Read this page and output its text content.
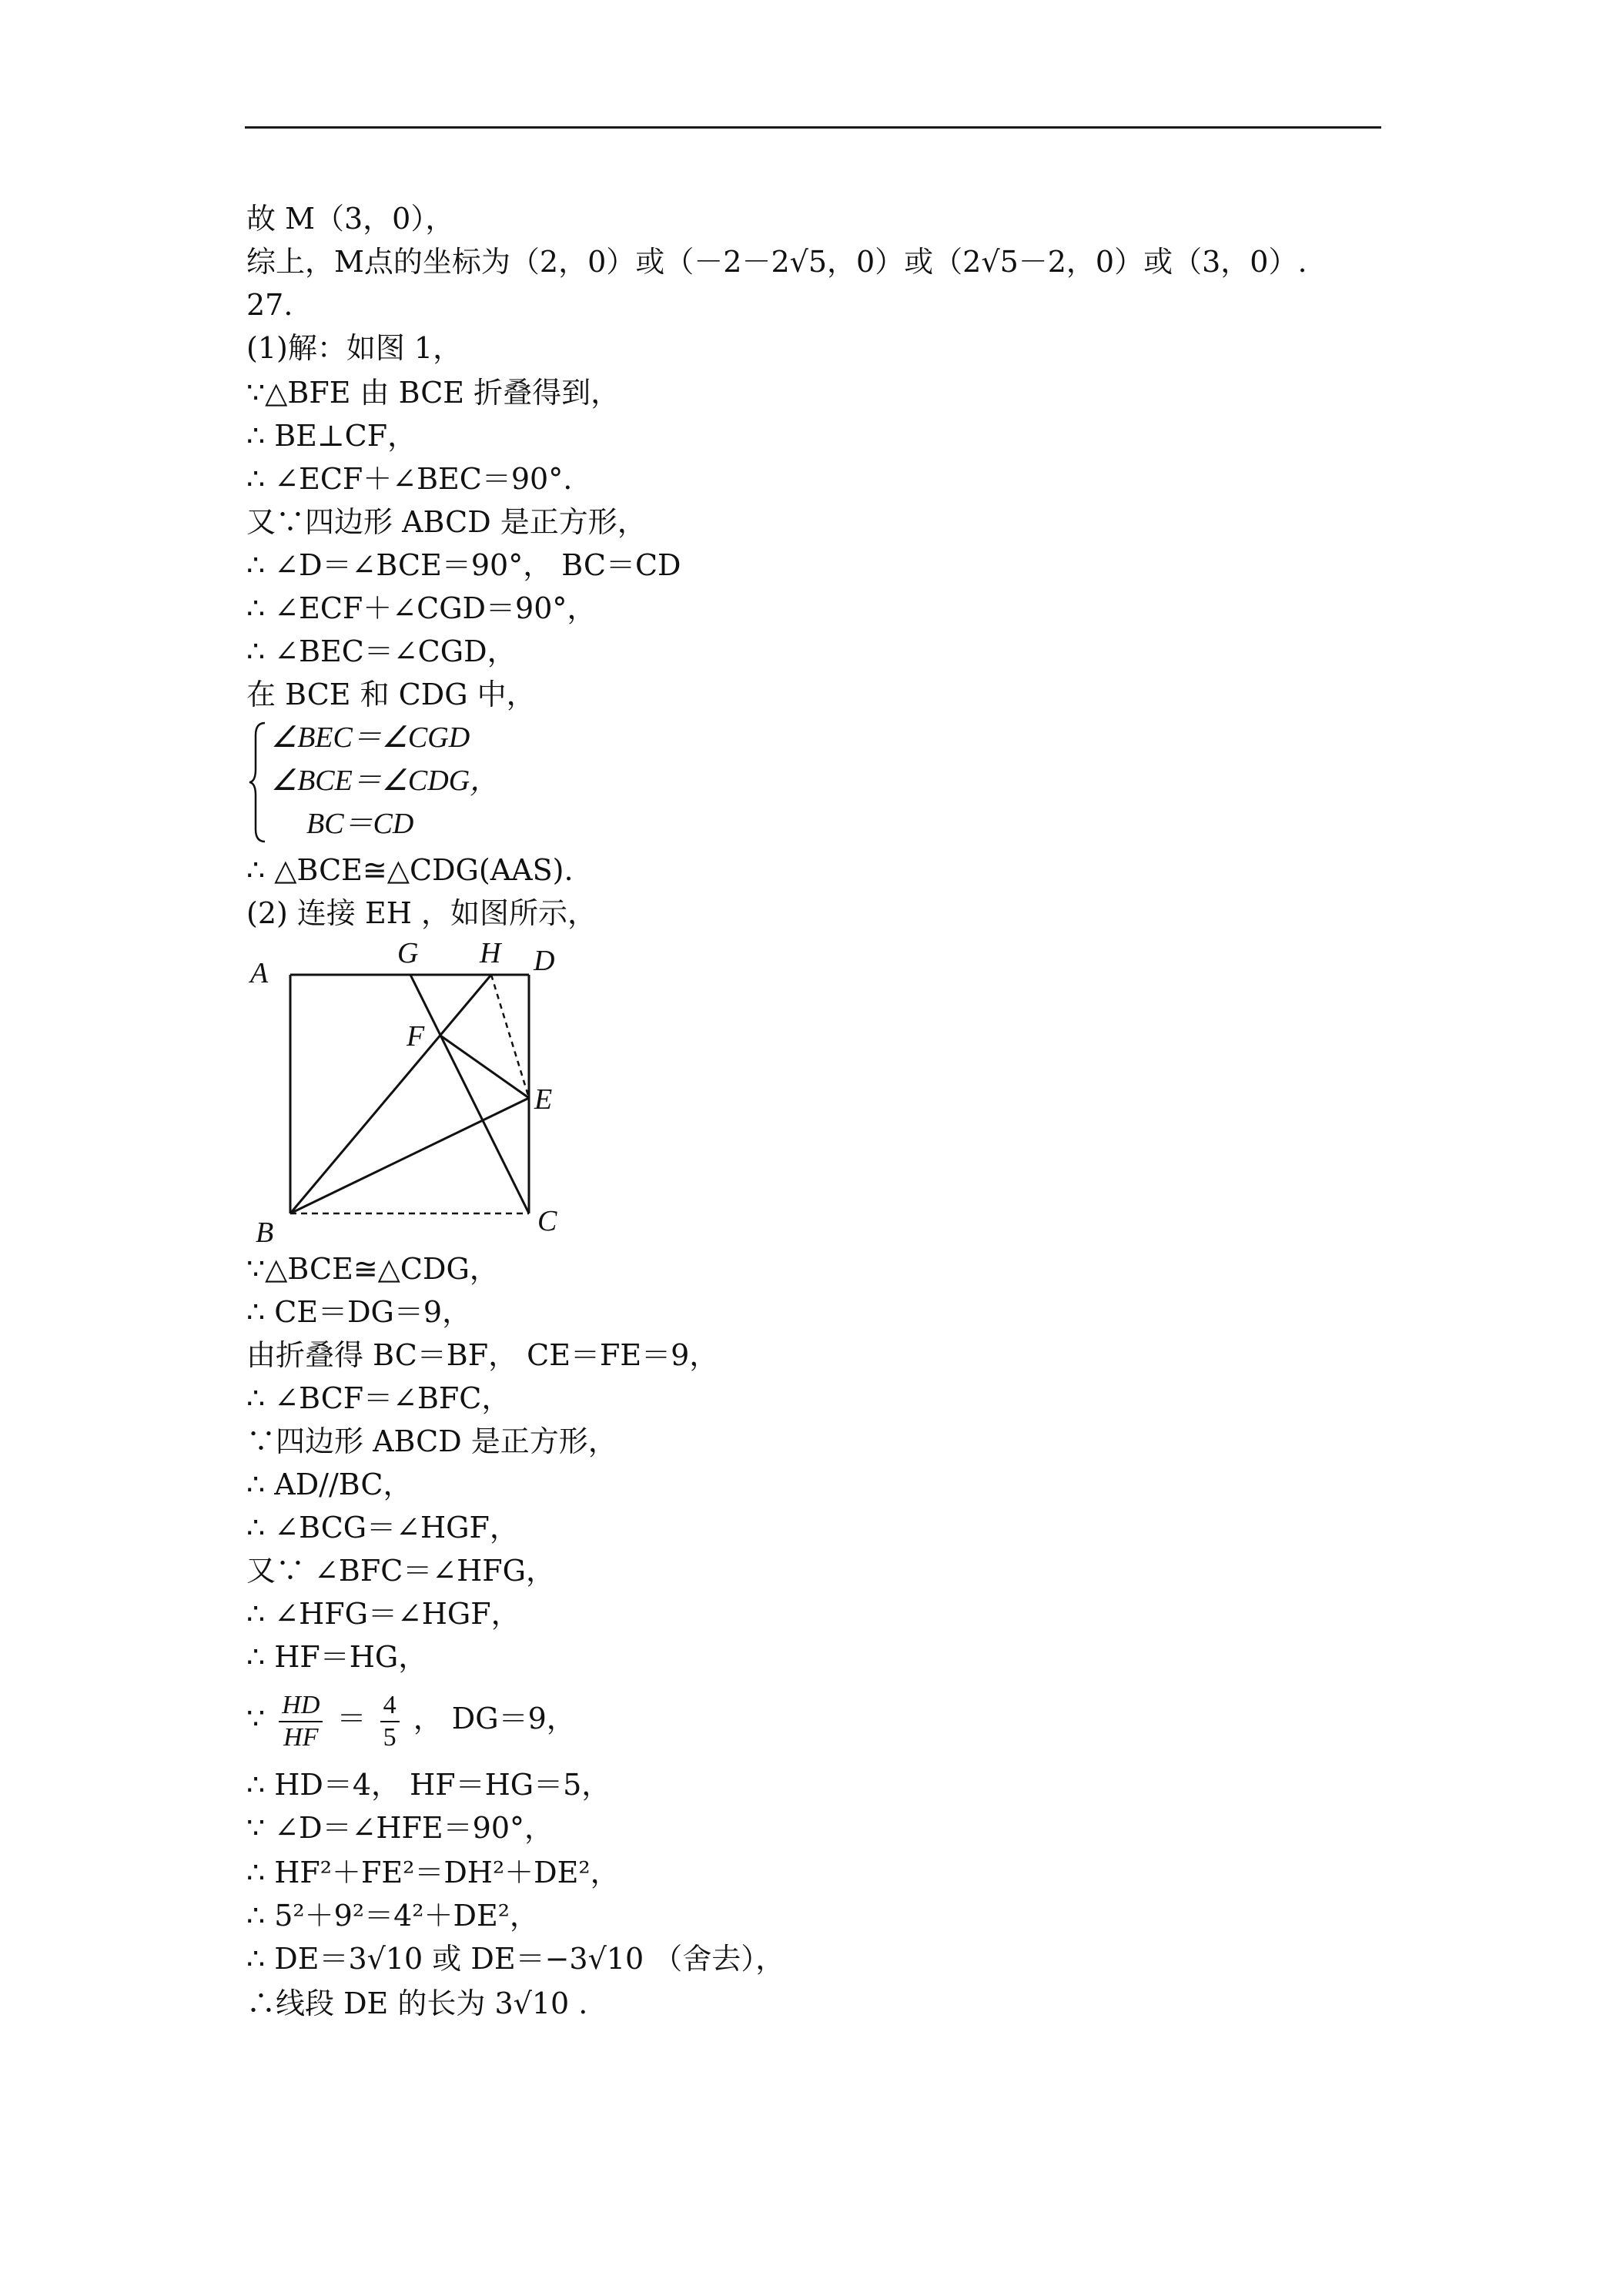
故 M（3，0），
综上，M点的坐标为（2，0）或（－2－2√5，0）或（2√5－2，0）或（3，0）.
27.
(1)解：如图 1，
∵△BFE 由 BCE 折叠得到，
∴ BE⊥CF，
∴ ∠ECF＋∠BEC＝90°.
又∵四边形 ABCD 是正方形，
∴ ∠D＝∠BCE＝90°， BC＝CD
∴ ∠ECF＋∠CGD＝90°，
∴ ∠BEC＝∠CGD，
在 BCE 和 CDG 中，
∠BEC＝∠CGD
∠BCE＝∠CDG，
BC＝CD
∴ △BCE≅△CDG(AAS).
(2) 连接 EH ，如图所示，
A
B	C
D
E
F
G H
∵△BCE≅△CDG，
∴ CE＝DG＝9，
由折叠得 BC＝BF， CE＝FE＝9，
∴ ∠BCF＝∠BFC，
∵四边形 ABCD 是正方形，
∴ AD//BC，
∴ ∠BCG＝∠HGF，
又∵ ∠BFC＝∠HFG，
∴ ∠HFG＝∠HGF，
∴ HF＝HG，
∵ $\frac{HD}{HF} = \frac{4}{5}$ ， DG＝9，
∴ HD＝4， HF＝HG＝5，
∵ ∠D＝∠HFE＝90°，
∴ HF²＋FE²＝DH²＋DE²，
∴ 5²＋9²＝4²＋DE²，
∴ DE＝3√10 或 DE＝−3√10 （舍去），
∴线段 DE 的长为 3√10 .
